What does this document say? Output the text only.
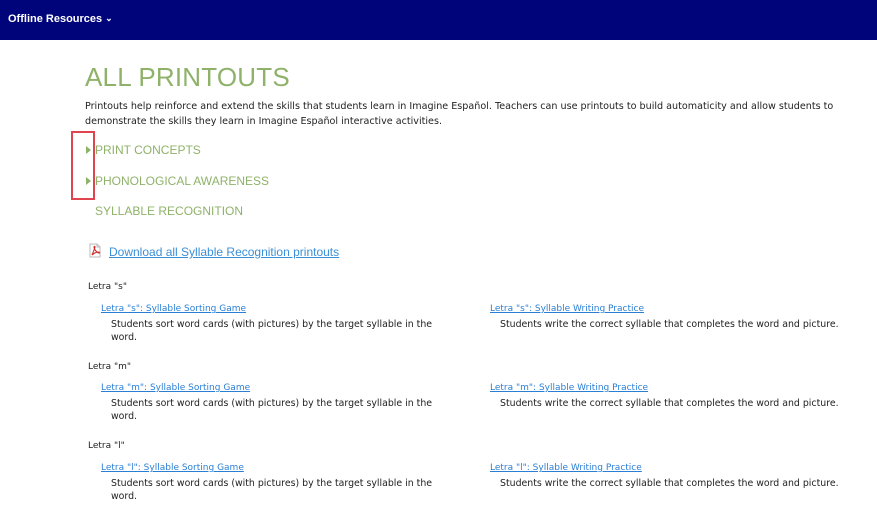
Offline Resources ⌄
ALL PRINTOUTS
Printouts help reinforce and extend the skills that students learn in Imagine Español. Teachers can use printouts to build automaticity and allow students to demonstrate the skills they learn in Imagine Español interactive activities.
PRINT CONCEPTS
PHONOLOGICAL AWARENESS
SYLLABLE RECOGNITION
Download all Syllable Recognition printouts
Letra "s"
Letra "s": Syllable Sorting Game
Students sort word cards (with pictures) by the target syllable in the word.
Letra "s": Syllable Writing Practice
Students write the correct syllable that completes the word and picture.
Letra "m"
Letra "m": Syllable Sorting Game
Students sort word cards (with pictures) by the target syllable in the word.
Letra "m": Syllable Writing Practice
Students write the correct syllable that completes the word and picture.
Letra "l"
Letra "l": Syllable Sorting Game
Students sort word cards (with pictures) by the target syllable in the word.
Letra "l": Syllable Writing Practice
Students write the correct syllable that completes the word and picture.
